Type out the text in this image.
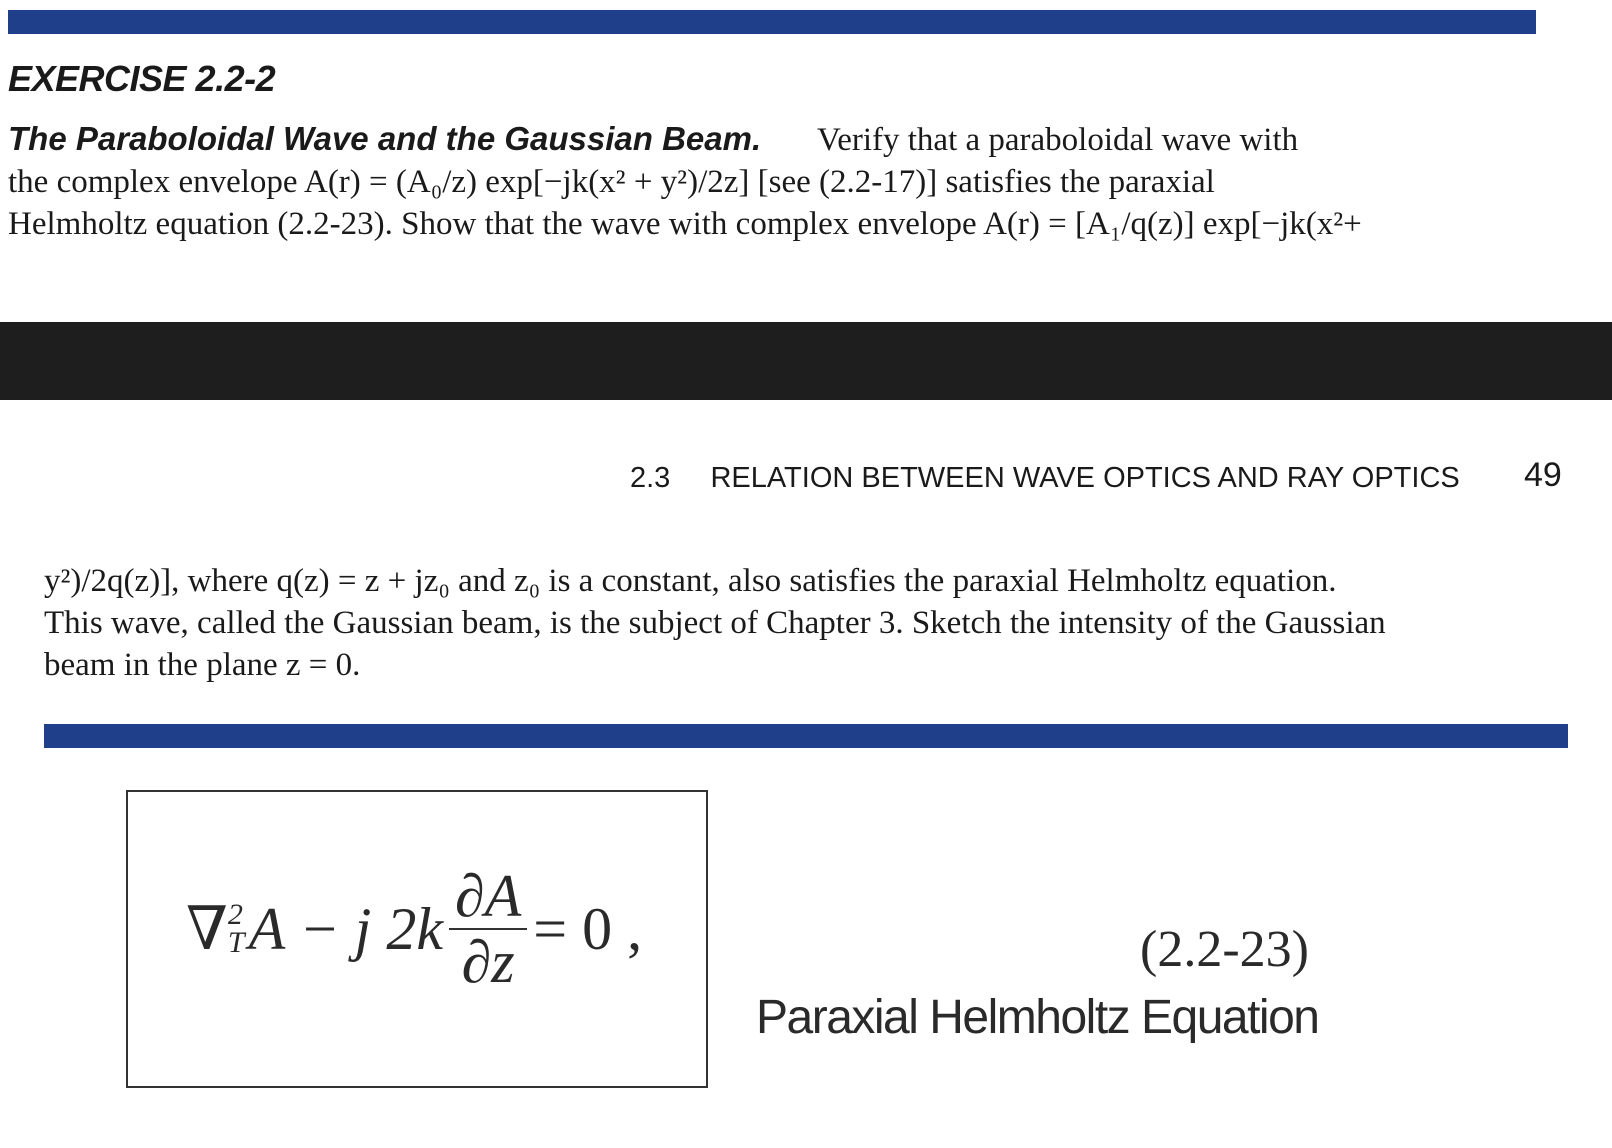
EXERCISE 2.2-2
The Paraboloidal Wave and the Gaussian Beam. Verify that a paraboloidal wave with
the complex envelope A(r) = (A₀/z) exp[−jk(x² + y²)/2z] [see (2.2-17)] satisfies the paraxial
Helmholtz equation (2.2-23). Show that the wave with complex envelope A(r) = [A₁/q(z)] exp[−jk(x²+
2.3 RELATION BETWEEN WAVE OPTICS AND RAY OPTICS 49
y²)/2q(z)], where q(z) = z + jz₀ and z₀ is a constant, also satisfies the paraxial Helmholtz equation.
This wave, called the Gaussian beam, is the subject of Chapter 3. Sketch the intensity of the Gaussian
beam in the plane z = 0.
∇ 2
T A − j $2k \frac{\partial A}{\partial z} = 0$ ,	(2.2-23)
Paraxial Helmholtz Equation
